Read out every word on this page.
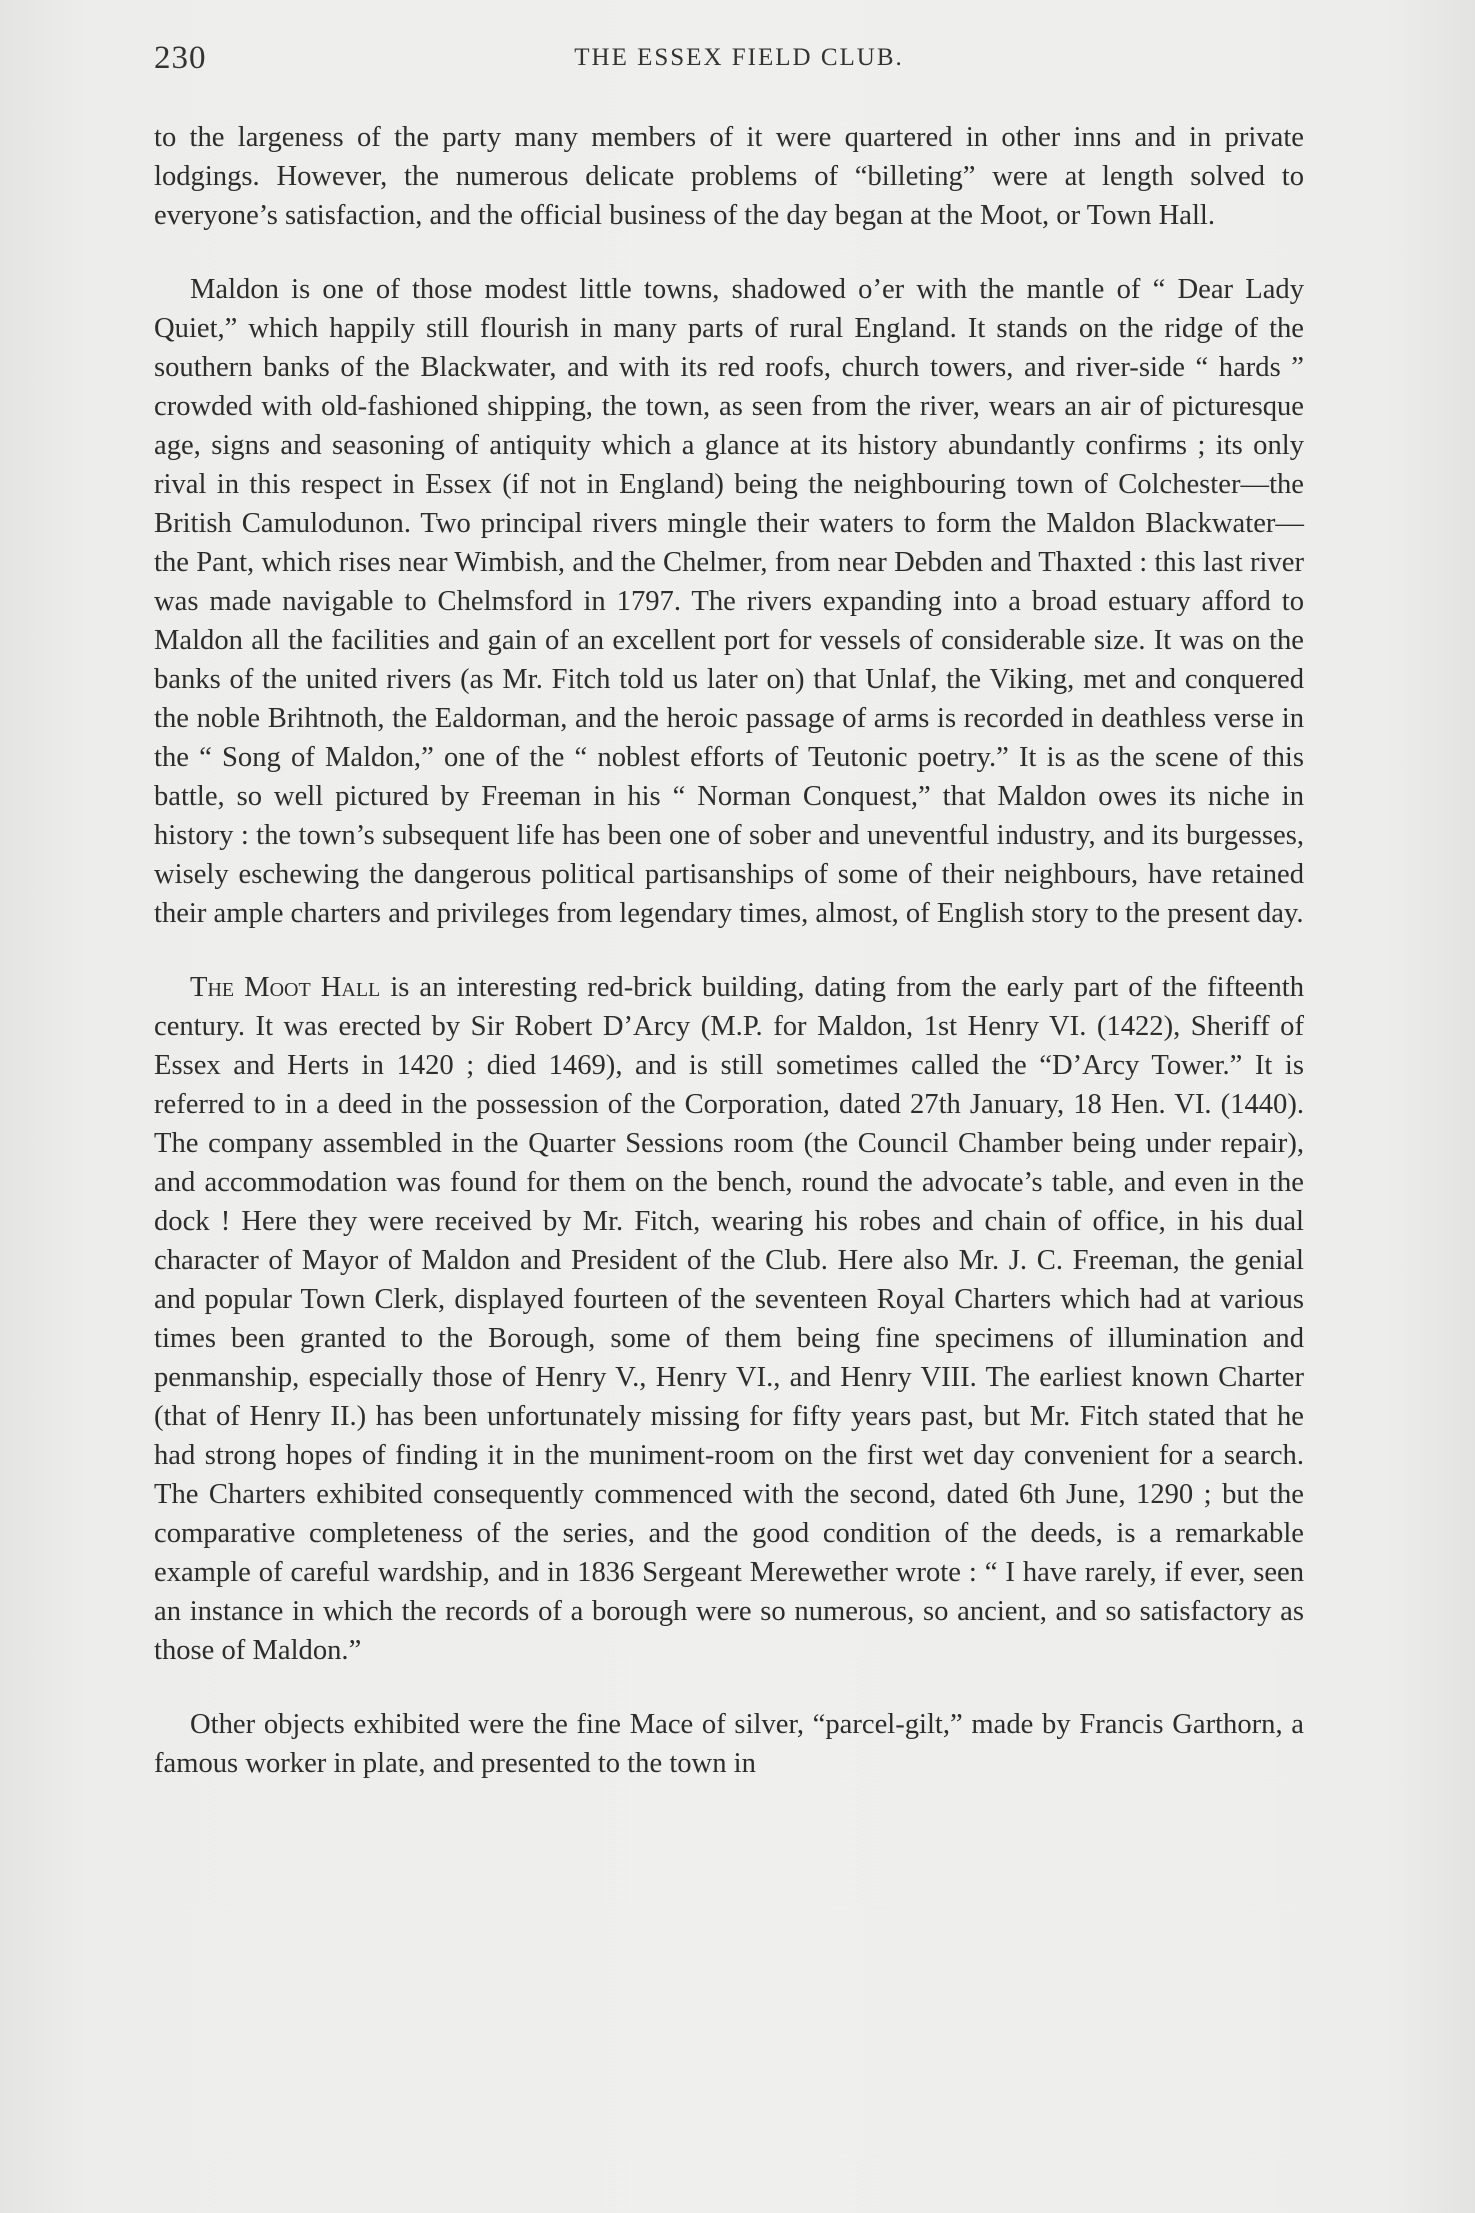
230	THE ESSEX FIELD CLUB.

to the largeness of the party many members of it were quartered in other inns and in private lodgings. However, the numerous delicate problems of “billeting” were at length solved to everyone’s satisfaction, and the official business of the day began at the Moot, or Town Hall.

Maldon is one of those modest little towns, shadowed o’er with the mantle of “ Dear Lady Quiet,” which happily still flourish in many parts of rural England. It stands on the ridge of the southern banks of the Blackwater, and with its red roofs, church towers, and river-side “ hards ” crowded with old-fashioned shipping, the town, as seen from the river, wears an air of picturesque age, signs and seasoning of antiquity which a glance at its history abundantly confirms ; its only rival in this respect in Essex (if not in England) being the neighbouring town of Colchester—the British Camulodunon. Two principal rivers mingle their waters to form the Maldon Blackwater—the Pant, which rises near Wimbish, and the Chelmer, from near Debden and Thaxted : this last river was made navigable to Chelmsford in 1797. The rivers expanding into a broad estuary afford to Maldon all the facilities and gain of an excellent port for vessels of considerable size. It was on the banks of the united rivers (as Mr. Fitch told us later on) that Unlaf, the Viking, met and conquered the noble Brihtnoth, the Ealdorman, and the heroic passage of arms is recorded in deathless verse in the “ Song of Maldon,” one of the “ noblest efforts of Teutonic poetry.” It is as the scene of this battle, so well pictured by Freeman in his “ Norman Conquest,” that Maldon owes its niche in history : the town’s subsequent life has been one of sober and uneventful industry, and its burgesses, wisely eschewing the dangerous political partisanships of some of their neighbours, have retained their ample charters and privileges from legendary times, almost, of English story to the present day.

The Moot Hall is an interesting red-brick building, dating from the early part of the fifteenth century. It was erected by Sir Robert D’Arcy (M.P. for Maldon, 1st Henry VI. (1422), Sheriff of Essex and Herts in 1420 ; died 1469), and is still sometimes called the “D’Arcy Tower.” It is referred to in a deed in the possession of the Corporation, dated 27th January, 18 Hen. VI. (1440). The company assembled in the Quarter Sessions room (the Council Chamber being under repair), and accommodation was found for them on the bench, round the advocate’s table, and even in the dock ! Here they were received by Mr. Fitch, wearing his robes and chain of office, in his dual character of Mayor of Maldon and President of the Club. Here also Mr. J. C. Freeman, the genial and popular Town Clerk, displayed fourteen of the seventeen Royal Charters which had at various times been granted to the Borough, some of them being fine specimens of illumination and penmanship, especially those of Henry V., Henry VI., and Henry VIII. The earliest known Charter (that of Henry II.) has been unfortunately missing for fifty years past, but Mr. Fitch stated that he had strong hopes of finding it in the muniment-room on the first wet day convenient for a search. The Charters exhibited consequently commenced with the second, dated 6th June, 1290 ; but the comparative completeness of the series, and the good condition of the deeds, is a remarkable example of careful wardship, and in 1836 Sergeant Merewether wrote : “ I have rarely, if ever, seen an instance in which the records of a borough were so numerous, so ancient, and so satisfactory as those of Maldon.”

Other objects exhibited were the fine Mace of silver, “parcel-gilt,” made by Francis Garthorn, a famous worker in plate, and presented to the town in
